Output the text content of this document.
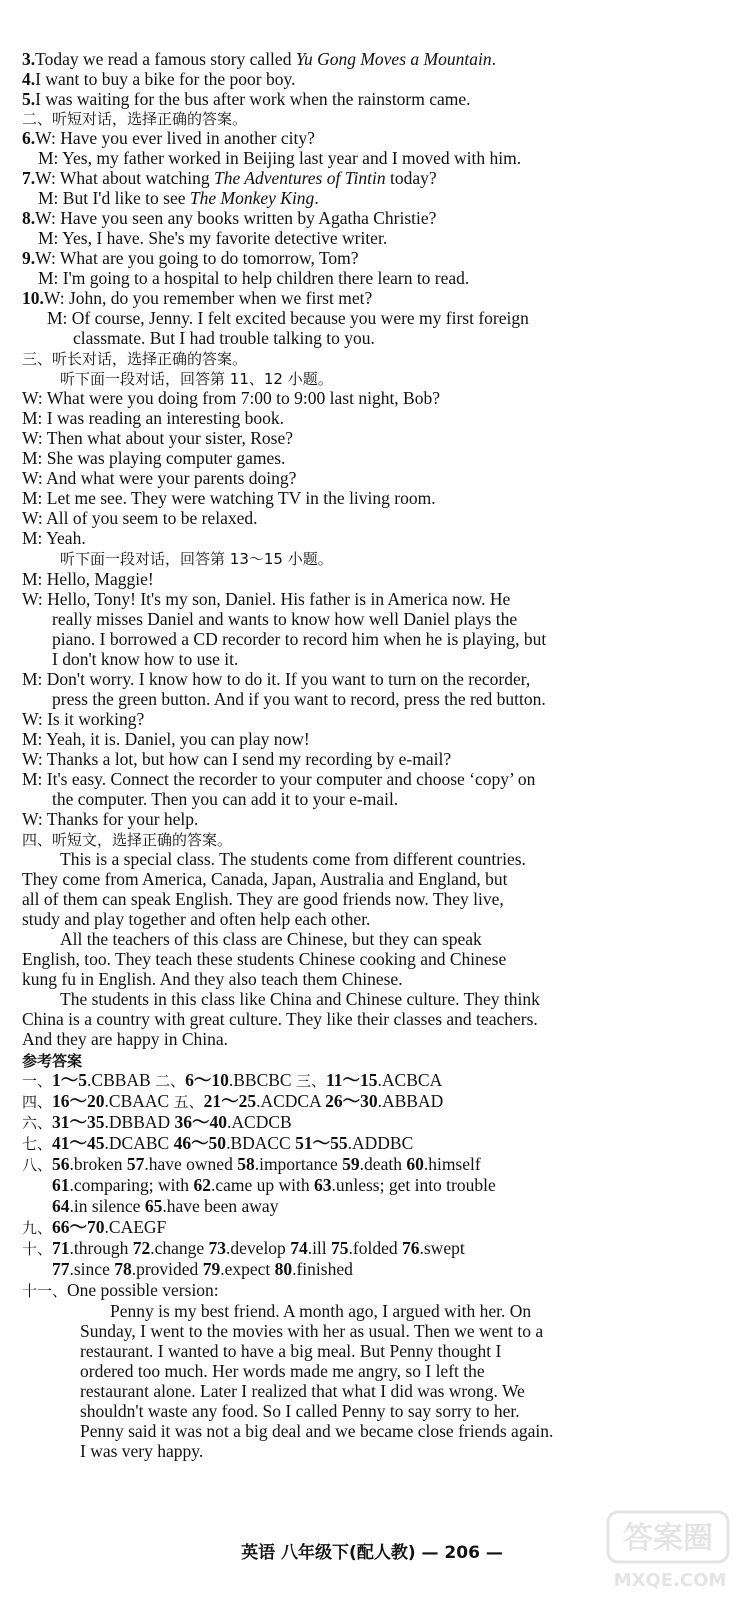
3.Today we read a famous story called Yu Gong Moves a Mountain.
4.I want to buy a bike for the poor boy.
5.I was waiting for the bus after work when the rainstorm came.
二、听短对话，选择正确的答案。
6.W: Have you ever lived in another city?
M: Yes, my father worked in Beijing last year and I moved with him.
7.W: What about watching The Adventures of Tintin today?
M: But I'd like to see The Monkey King.
8.W: Have you seen any books written by Agatha Christie?
M: Yes, I have. She's my favorite detective writer.
9.W: What are you going to do tomorrow, Tom?
M: I'm going to a hospital to help children there learn to read.
10.W: John, do you remember when we first met?
M: Of course, Jenny. I felt excited because you were my first foreign
classmate. But I had trouble talking to you.
三、听长对话，选择正确的答案。
听下面一段对话，回答第 11、12 小题。
W: What were you doing from 7:00 to 9:00 last night, Bob?
M: I was reading an interesting book.
W: Then what about your sister, Rose?
M: She was playing computer games.
W: And what were your parents doing?
M: Let me see. They were watching TV in the living room.
W: All of you seem to be relaxed.
M: Yeah.
听下面一段对话，回答第 13～15 小题。
M: Hello, Maggie!
W: Hello, Tony! It's my son, Daniel. His father is in America now. He
really misses Daniel and wants to know how well Daniel plays the
piano. I borrowed a CD recorder to record him when he is playing, but
I don't know how to use it.
M: Don't worry. I know how to do it. If you want to turn on the recorder,
press the green button. And if you want to record, press the red button.
W: Is it working?
M: Yeah, it is. Daniel, you can play now!
W: Thanks a lot, but how can I send my recording by e-mail?
M: It's easy. Connect the recorder to your computer and choose ‘copy’ on
the computer. Then you can add it to your e-mail.
W: Thanks for your help.
四、听短文，选择正确的答案。
This is a special class. The students come from different countries.
They come from America, Canada, Japan, Australia and England, but
all of them can speak English. They are good friends now. They live,
study and play together and often help each other.
All the teachers of this class are Chinese, but they can speak
English, too. They teach these students Chinese cooking and Chinese
kung fu in English. And they also teach them Chinese.
The students in this class like China and Chinese culture. They think
China is a country with great culture. They like their classes and teachers.
And they are happy in China.
参考答案
一、1～5.CBBAB 二、6～10.BBCBC 三、11～15.ACBCA
四、16～20.CBAAC 五、21～25.ACDCA 26～30.ABBAD
六、31～35.DBBAD 36～40.ACDCB
七、41～45.DCABC 46～50.BDACC 51～55.ADDBC
八、56.broken 57.have owned 58.importance 59.death 60.himself
61.comparing; with 62.came up with 63.unless; get into trouble
64.in silence 65.have been away
九、66～70.CAEGF
十、71.through 72.change 73.develop 74.ill 75.folded 76.swept
77.since 78.provided 79.expect 80.finished
十一、One possible version:
Penny is my best friend. A month ago, I argued with her. On
Sunday, I went to the movies with her as usual. Then we went to a
restaurant. I wanted to have a big meal. But Penny thought I
ordered too much. Her words made me angry, so I left the
restaurant alone. Later I realized that what I did was wrong. We
shouldn't waste any food. So I called Penny to say sorry to her.
Penny said it was not a big deal and we became close friends again.
I was very happy.
英语 八年级下(配人教) — 206 —	答案圈
MXQE.COM
